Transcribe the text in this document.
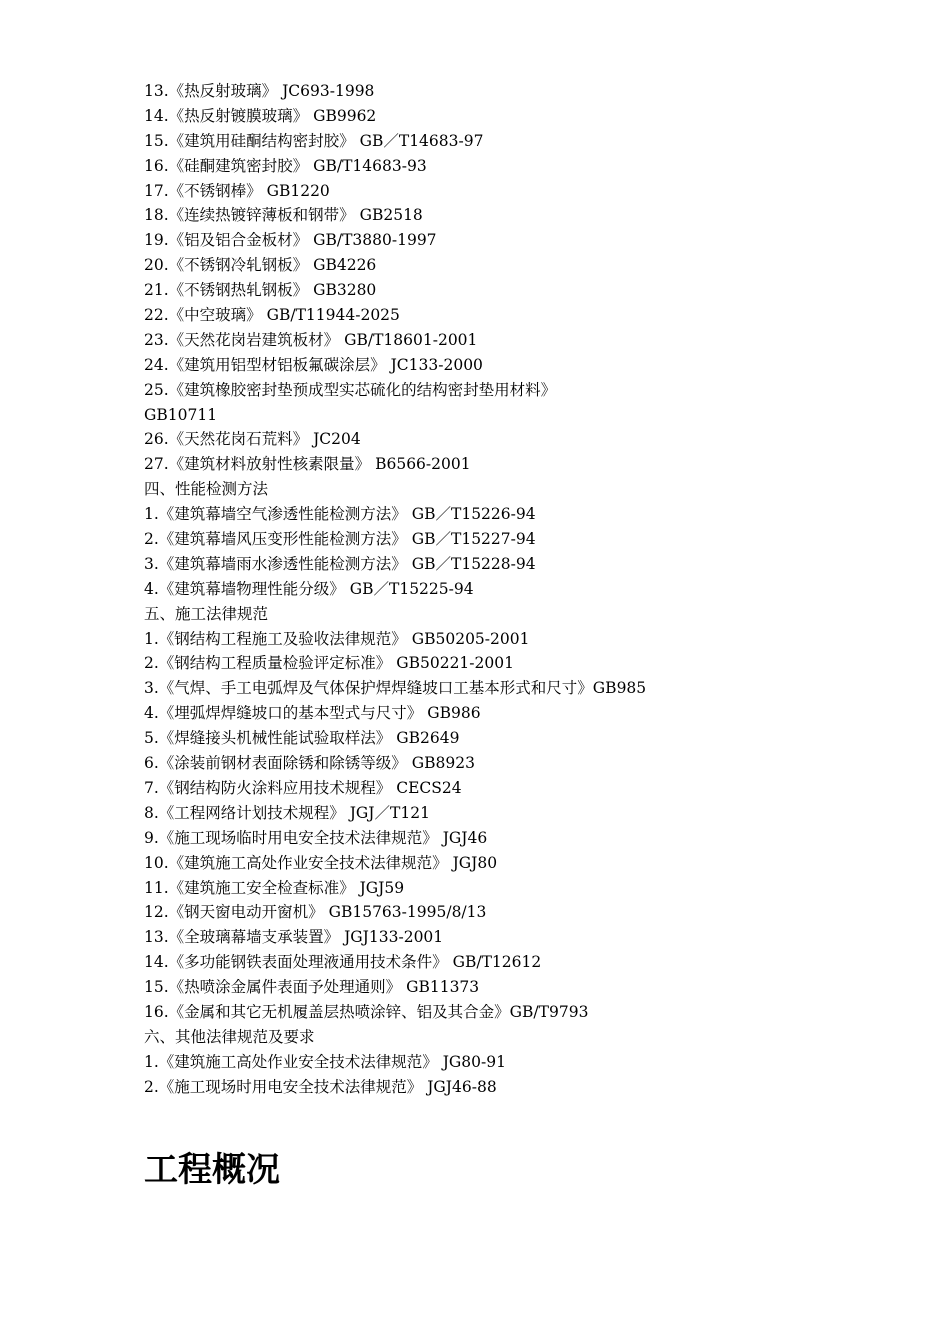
13.《热反射玻璃》 JC693-1998
14.《热反射镀膜玻璃》 GB9962
15.《建筑用硅酮结构密封胶》 GB／T14683-97
16.《硅酮建筑密封胶》 GB/T14683-93
17.《不锈钢棒》 GB1220
18.《连续热镀锌薄板和钢带》 GB2518
19.《铝及铝合金板材》 GB/T3880-1997
20.《不锈钢冷轧钢板》 GB4226
21.《不锈钢热轧钢板》 GB3280
22.《中空玻璃》 GB/T11944-2025
23.《天然花岗岩建筑板材》 GB/T18601-2001
24.《建筑用铝型材铝板氟碳涂层》 JC133-2000
25.《建筑橡胶密封垫预成型实芯硫化的结构密封垫用材料》
GB10711
26.《天然花岗石荒料》 JC204
27.《建筑材料放射性核素限量》 B6566-2001
四、性能检测方法
1.《建筑幕墙空气渗透性能检测方法》 GB／T15226-94
2.《建筑幕墙风压变形性能检测方法》 GB／T15227-94
3.《建筑幕墙雨水渗透性能检测方法》 GB／T15228-94
4.《建筑幕墙物理性能分级》 GB／T15225-94
五、施工法律规范
1.《钢结构工程施工及验收法律规范》 GB50205-2001
2.《钢结构工程质量检验评定标准》 GB50221-2001
3.《气焊、手工电弧焊及气体保护焊焊缝坡口工基本形式和尺寸》GB985
4.《埋弧焊焊缝坡口的基本型式与尺寸》 GB986
5.《焊缝接头机械性能试验取样法》 GB2649
6.《涂装前钢材表面除锈和除锈等级》 GB8923
7.《钢结构防火涂料应用技术规程》 CECS24
8.《工程网络计划技术规程》 JGJ／T121
9.《施工现场临时用电安全技术法律规范》 JGJ46
10.《建筑施工高处作业安全技术法律规范》 JGJ80
11.《建筑施工安全检查标准》 JGJ59
12.《钢天窗电动开窗机》 GB15763-1995/8/13
13.《全玻璃幕墙支承装置》 JGJ133-2001
14.《多功能钢铁表面处理液通用技术条件》 GB/T12612
15.《热喷涂金属件表面予处理通则》 GB11373
16.《金属和其它无机履盖层热喷涂锌、铝及其合金》GB/T9793
六、其他法律规范及要求
1.《建筑施工高处作业安全技术法律规范》 JG80-91
2.《施工现场时用电安全技术法律规范》 JGJ46-88
工程概况
